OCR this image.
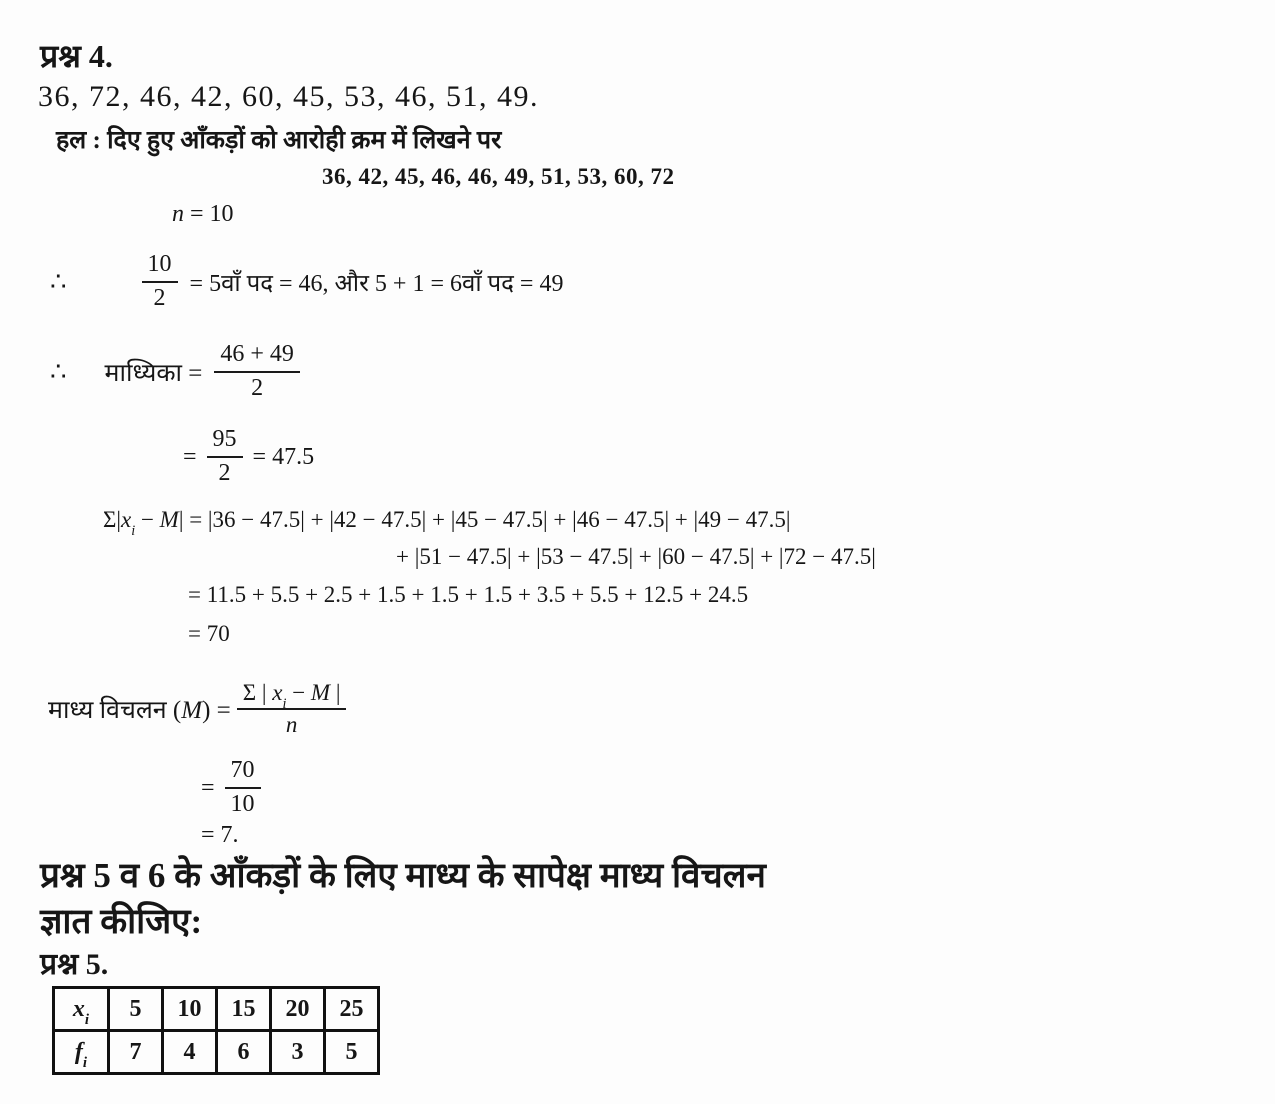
प्रश्न 4.
36, 72, 46, 42, 60, 45, 53, 46, 51, 49.
हल : दिए हुए आँकड़ों को आरोही क्रम में लिखने पर
36, 42, 45, 46, 46, 49, 51, 53, 60, 72
n = 10
∴	$\frac{10}{2}$ = 5वाँ पद = 46, और 5 + 1 = 6वाँ पद = 49
∴ माध्यिका = $\frac{46 + 49}{2}$
= $\frac{95}{2} = 47.5$
$\Sigma|x_i - M| = |36 - 47.5| + |42 - 47.5| + |45 - 47.5| + |46 - 47.5| + |49 - 47.5|$
+ |51 − 47.5| + |53 − 47.5| + |60 − 47.5| + |72 − 47.5|
= 11.5 + 5.5 + 2.5 + 1.5 + 1.5 + 1.5 + 3.5 + 5.5 + 12.5 + 24.5
= 70
माध्य विचलन $(M) = \frac{\Sigma | x_i - M |}{n}$
= $\frac{70}{10}$
= 7.
प्रश्न 5 व 6 के आँकड़ों के लिए माध्य के सापेक्ष माध्य विचलन
ज्ञात कीजिए:
प्रश्न 5.
$x_i$	5	10	15	20	25
$f_i$	7	4	6	3	5
